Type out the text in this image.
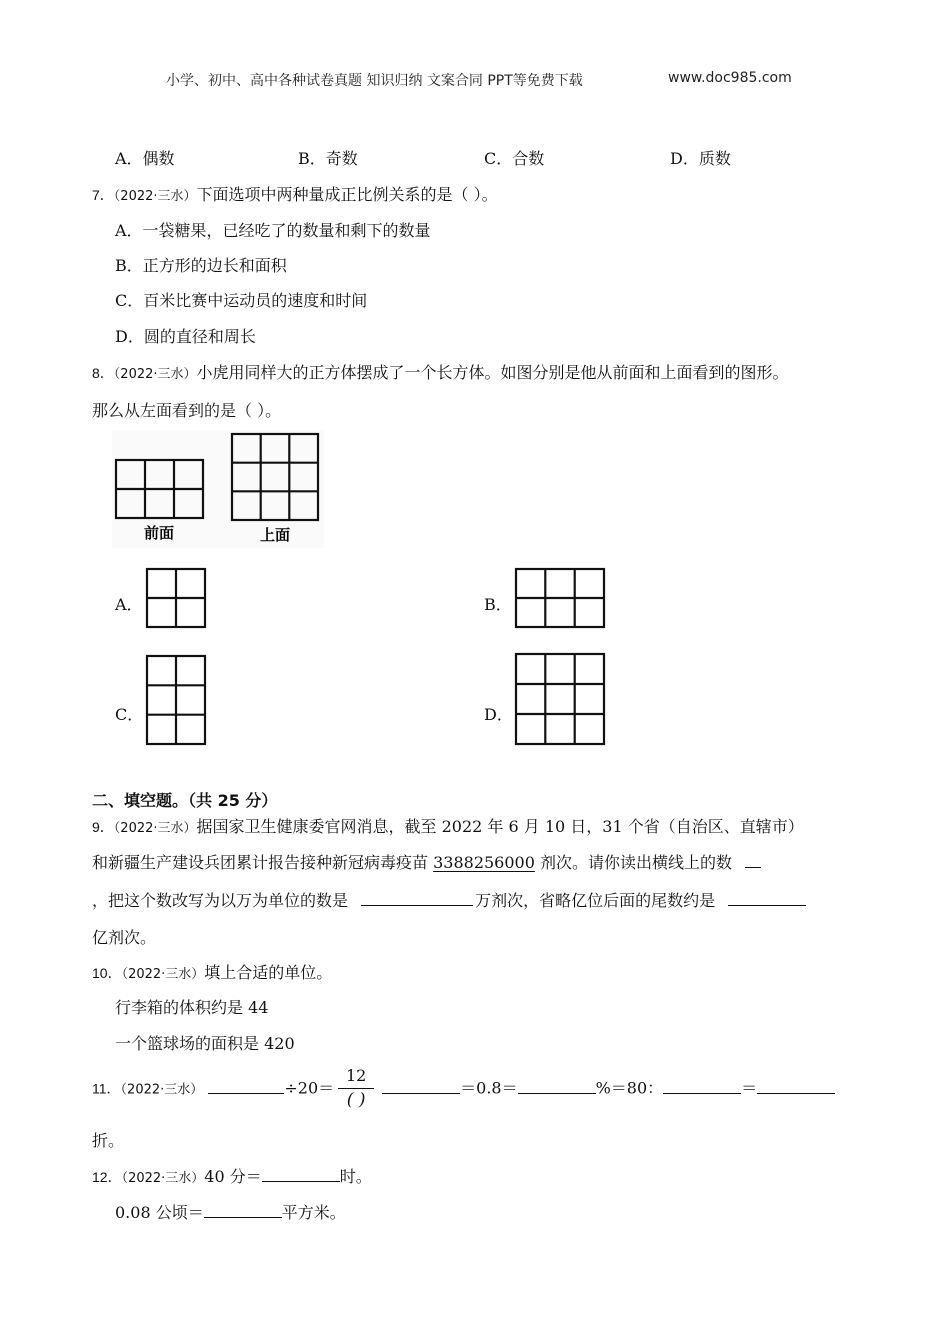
小学、初中、高中各种试卷真题 知识归纳 文案合同 PPT等免费下载	www.doc985.com
A．偶数	B．奇数	C．合数	D．质数
7．（2022·三水）下面选项中两种量成正比例关系的是（ ）。
A．一袋糖果，已经吃了的数量和剩下的数量
B．正方形的边长和面积
C．百米比赛中运动员的速度和时间
D．圆的直径和周长
8．（2022·三水）小虎用同样大的正方体摆成了一个长方体。如图分别是他从前面和上面看到的图形。
那么从左面看到的是（ ）。
前面	上面
A．	B．
C．	D．
二、填空题。（共 25 分）
9．（2022·三水）据国家卫生健康委官网消息，截至 2022 年 6 月 10 日，31 个省（自治区、直辖市）
和新疆生产建设兵团累计报告接种新冠病毒疫苗 3388256000 剂次。请你读出横线上的数
，把这个数改写为以万为单位的数是	万剂次，省略亿位后面的尾数约是
亿剂次。
10．（2022·三水）填上合适的单位。
行李箱的体积约是 44
一个篮球场的面积是 420
11．（2022·三水）	$\div 20= \frac{12}{( )}$	＝0.8＝	%＝80：	＝
折。
12．（2022·三水）40 分＝	时。
0.08 公顷＝	平方米。
